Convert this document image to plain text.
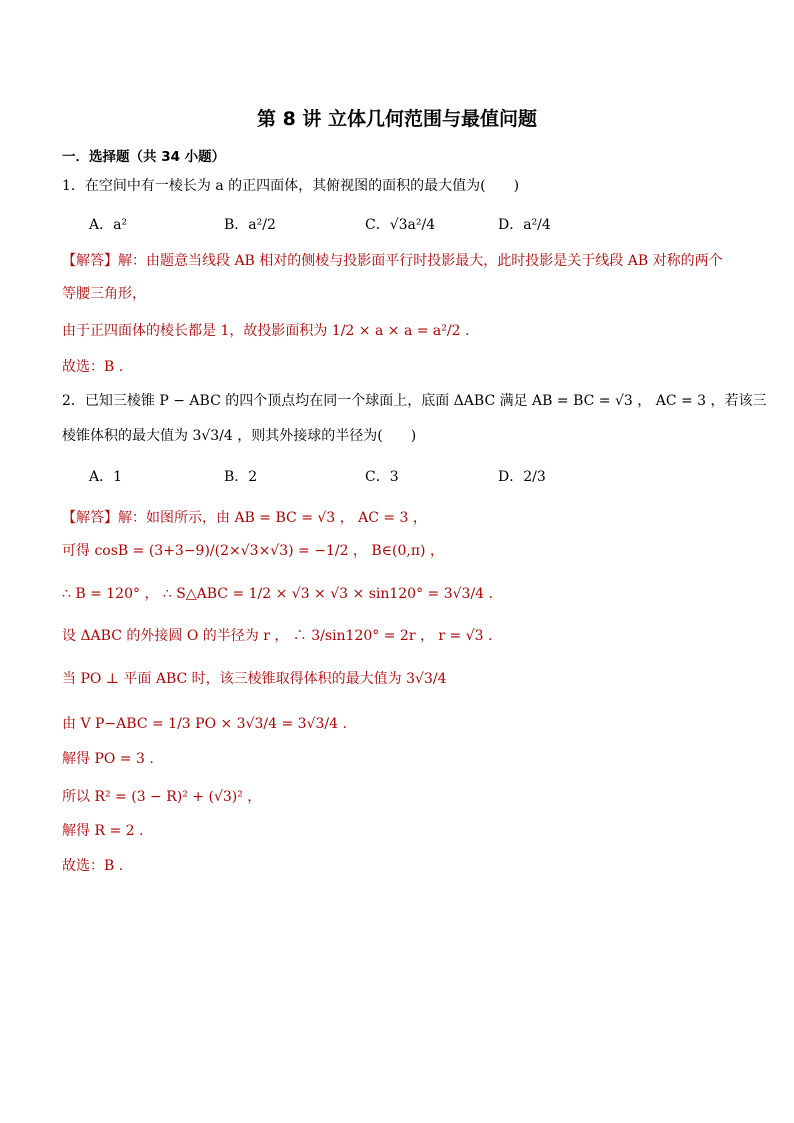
第 8 讲 立体几何范围与最值问题
一．选择题（共 34 小题）
1．在空间中有一棱长为 a 的正四面体，其俯视图的面积的最大值为(　　)
A．a²	B．a²/2	C．√3a²/4	D．a²/4
【解答】解：由题意当线段 AB 相对的侧棱与投影面平行时投影最大，此时投影是关于线段 AB 对称的两个
等腰三角形，
由于正四面体的棱长都是 1，故投影面积为 1/2 × a × a = a²/2 .
故选：B .
2．已知三棱锥 P − ABC 的四个顶点均在同一个球面上，底面 ΔABC 满足 AB = BC = √3 ， AC = 3 ，若该三
棱锥体积的最大值为 3√3/4 ，则其外接球的半径为(　　)
A．1	B．2	C．3	D．2/3
【解答】解：如图所示，由 AB = BC = √3 ， AC = 3 ，
可得 cosB = (3+3−9)/(2×√3×√3) = −1/2 ， B∈(0,π) ，
∴ B = 120° ， ∴ S△ABC = 1/2 × √3 × √3 × sin120° = 3√3/4 .
设 ΔABC 的外接圆 O 的半径为 r ， ∴ 3/sin120° = 2r ， r = √3 .
当 PO ⊥ 平面 ABC 时，该三棱锥取得体积的最大值为 3√3/4
由 V P−ABC = 1/3 PO × 3√3/4 = 3√3/4 .
解得 PO = 3 .
所以 R² = (3 − R)² + (√3)² ，
解得 R = 2 .
故选：B .
